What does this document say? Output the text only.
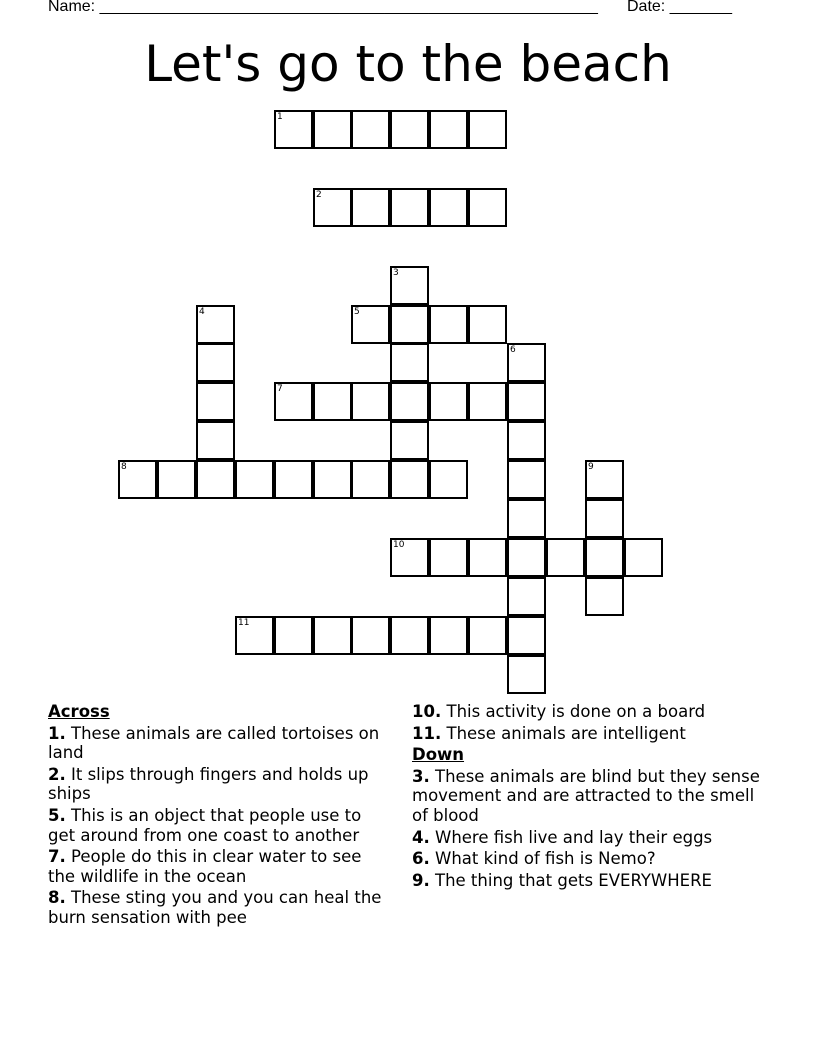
Name: ________________________________________________________ Date: _______
Let's go to the beach
1
2
3
4	5
6
7
8	9
10
11
Across
1. These animals are called tortoises on land
2. It slips through fingers and holds up ships
5. This is an object that people use to get around from one coast to another
7. People do this in clear water to see the wildlife in the ocean
8. These sting you and you can heal the burn sensation with pee
10. This activity is done on a board
11. These animals are intelligent
Down
3. These animals are blind but they sense movement and are attracted to the smell of blood
4. Where fish live and lay their eggs
6. What kind of fish is Nemo?
9. The thing that gets EVERYWHERE
